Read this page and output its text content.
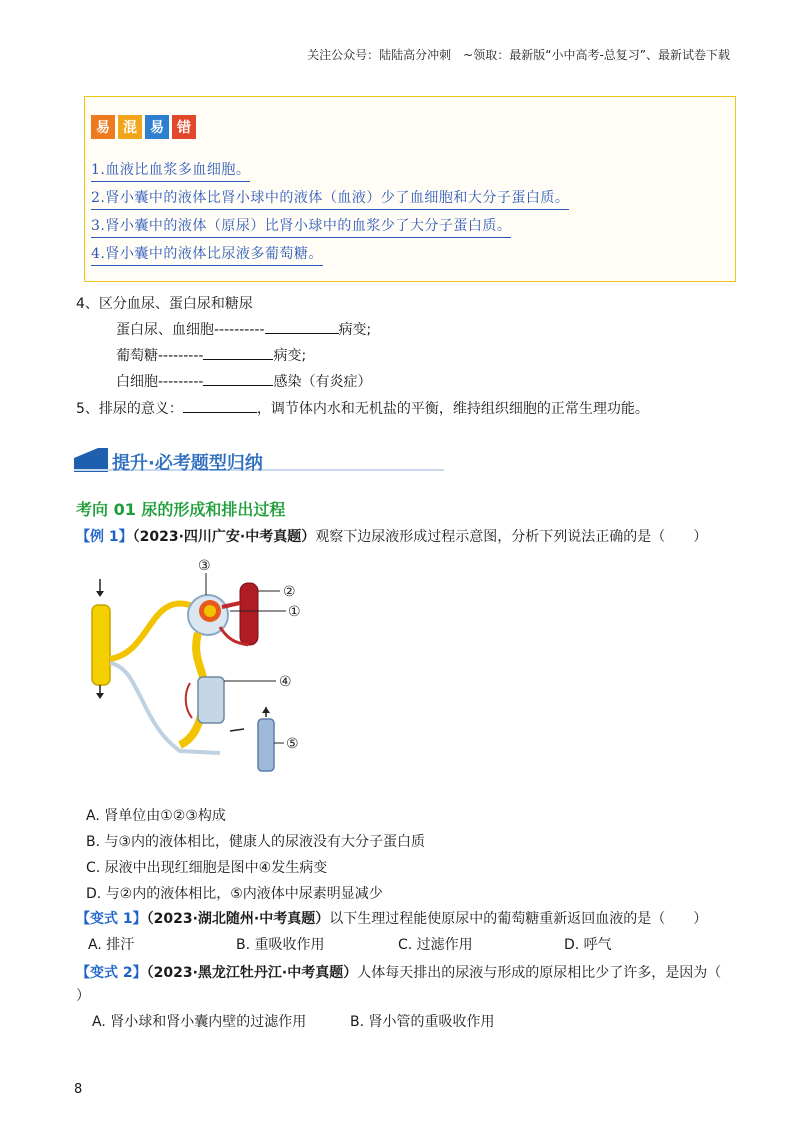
关注公众号：陆陆高分冲刺　~领取：最新版“小中高考-总复习”、最新试卷下载
易 混 易 错
1.血液比血浆多血细胞。
2.肾小囊中的液体比肾小球中的液体（血液）少了血细胞和大分子蛋白质。
3.肾小囊中的液体（原尿）比肾小球中的血浆少了大分子蛋白质。
4.肾小囊中的液体比尿液多葡萄糖。
4、区分血尿、蛋白尿和糖尿
蛋白尿、血细胞----------	病变;
葡萄糖---------	病变;
白细胞---------	感染（有炎症）
5、排尿的意义：	，调节体内水和无机盐的平衡，维持组织细胞的正常生理功能。
提升·必考题型归纳
考向 01 尿的形成和排出过程
【例 1】（2023·四川广安·中考真题）观察下边尿液形成过程示意图，分析下列说法正确的是（　　）
③
②
①
④
⑤
A. 肾单位由①②③构成
B. 与③内的液体相比，健康人的尿液没有大分子蛋白质
C. 尿液中出现红细胞是图中④发生病变
D. 与②内的液体相比，⑤内液体中尿素明显减少
【变式 1】（2023·湖北随州·中考真题）以下生理过程能使原尿中的葡萄糖重新返回血液的是（　　）
A. 排汗	B. 重吸收作用	C. 过滤作用	D. 呼气
【变式 2】（2023·黑龙江牡丹江·中考真题）人体每天排出的尿液与形成的原尿相比少了许多，是因为（
）
A. 肾小球和肾小囊内壁的过滤作用	B. 肾小管的重吸收作用
8
